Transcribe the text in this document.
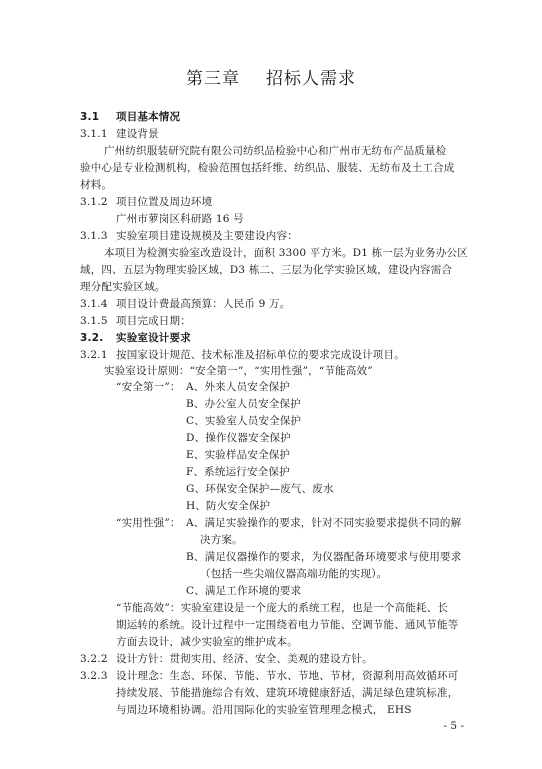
第三章 招标人需求
3.1 项目基本情况
3.1.1 建设背景
广州纺织服装研究院有限公司纺织品检验中心和广州市无纺布产品质量检
验中心是专业检测机构，检验范围包括纤维、纺织品、服装、无纺布及土工合成
材料。
3.1.2 项目位置及周边环境
广州市萝岗区科研路 16 号
3.1.3 实验室项目建设规模及主要建设内容：
本项目为检测实验室改造设计，面积 3300 平方米。D1 栋一层为业务办公区
域，四、五层为物理实验区域，D3 栋二、三层为化学实验区域，建设内容需合
理分配实验区域。
3.1.4 项目设计费最高预算：人民币 9 万。
3.1.5 项目完成日期：
3.2. 实验室设计要求
3.2.1 按国家设计规范、技术标准及招标单位的要求完成设计项目。
实验室设计原则：“安全第一”，“实用性强”，“节能高效”
“安全第一”： A、外来人员安全保护
B、办公室人员安全保护
C、实验室人员安全保护
D、操作仪器安全保护
E、实验样品安全保护
F、系统运行安全保护
G、环保安全保护—废气、废水
H、防火安全保护
“实用性强”： A、满足实验操作的要求，针对不同实验要求提供不同的解
决方案。
B、满足仪器操作的要求，为仪器配备环境要求与使用要求
（包括一些尖端仪器高端功能的实现）。
C、满足工作环境的要求
“节能高效”：实验室建设是一个庞大的系统工程，也是一个高能耗、长
期运转的系统。设计过程中一定围绕着电力节能、空调节能、通风节能等
方面去设计，减少实验室的维护成本。
3.2.2 设计方针：贯彻实用、经济、安全、美观的建设方针。
3.2.3 设计理念：生态、环保、节能、节水、节地、节材，资源利用高效循环可
持续发展、节能措施综合有效、建筑环境健康舒适，满足绿色建筑标准，
与周边环境相协调。沿用国际化的实验室管理理念模式， EHS
- 5 -
